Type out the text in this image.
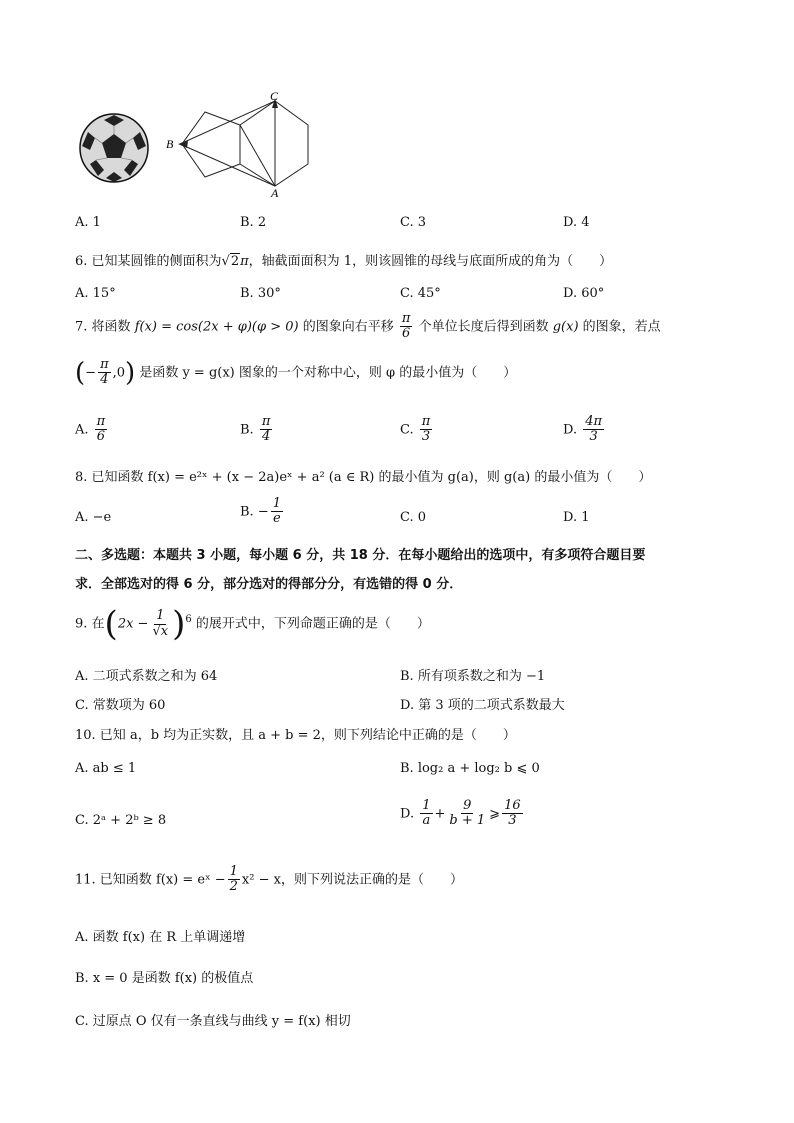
C
B
A
A. 1	B. 2	C. 3	D. 4
6. 已知某圆锥的侧面积为√2π，轴截面面积为 1，则该圆锥的母线与底面所成的角为（　　）
A. 15°	B. 30°	C. 45°	D. 60°
7. 将函数 f(x) = cos(2x + φ)(φ > 0) 的图象向右平移 $\frac{\pi}{6}$ 个单位长度后得到函数 g(x) 的图象，若点
(− $\frac{\pi}{4} ,0$) 是函数 y = g(x) 图象的一个对称中心，则 φ 的最小值为（　　）
A. $\frac{\pi}{6}$	B. $\frac{\pi}{4}$	C. $\frac{\pi}{3}$	D. $\frac{4\pi}{3}$
8. 已知函数 f(x) = e²ˣ + (x − 2a)eˣ + a² (a ∈ R) 的最小值为 g(a)，则 g(a) 的最小值为（　　）
A. −e	B. − $\frac{1}{e}$	C. 0	D. 1
二、多选题：本题共 3 小题，每小题 6 分，共 18 分．在每小题给出的选项中，有多项符合题目要
求．全部选对的得 6 分，部分选对的得部分分，有选错的得 0 分．
9. 在$(2x - \frac{1}{√x} )^6$ 的展开式中，下列命题正确的是（　　）
A. 二项式系数之和为 64	B. 所有项系数之和为 −1
C. 常数项为 60	D. 第 3 项的二项式系数最大
10. 已知 a，b 均为正实数，且 a + b = 2，则下列结论中正确的是（　　）
A. ab ≤ 1	B. log₂ a + log₂ b ⩽ 0
C. 2ᵃ + 2ᵇ ≥ 8	D. $\frac{1}{a} + \frac{9}{b + 1}$ ⩾ $\frac{16}{3}$
11. 已知函数 f(x) = eˣ − $\frac{1}{2} x^2 - x$，则下列说法正确的是（　　）
A. 函数 f(x) 在 R 上单调递增
B. x = 0 是函数 f(x) 的极值点
C. 过原点 O 仅有一条直线与曲线 y = f(x) 相切
